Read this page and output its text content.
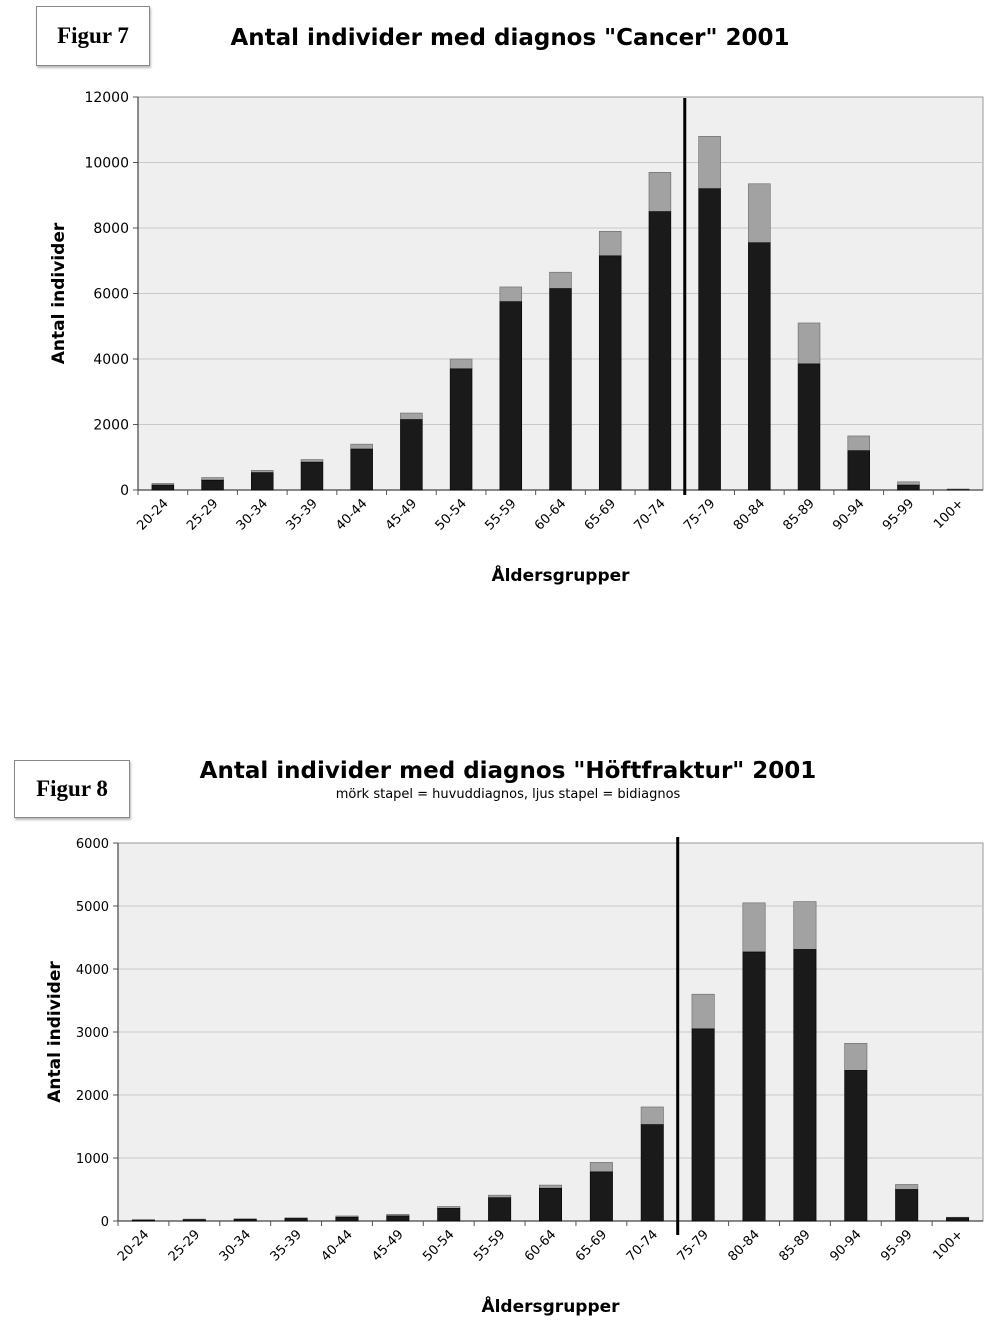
Figur 7	Antal individer med diagnos "Cancer" 2001
0
2000
4000
6000
8000
10000
12000
20-24 25-29 30-34 35-39 40-44 45-49 50-54 55-59 60-64 65-69 70-74 75-79 80-84 85-89 90-94 95-99 100+
Åldersgrupper
Antal individer
Figur 8
Antal individer med diagnos "Höftfraktur" 2001
mörk stapel = huvuddiagnos, ljus stapel = bidiagnos
0
1000
2000
3000
4000
5000
6000
20-24 25-29 30-34 35-39 40-44 45-49 50-54 55-59 60-64 65-69 70-74 75-79 80-84 85-89 90-94 95-99 100+
Åldersgrupper
Antal individer
